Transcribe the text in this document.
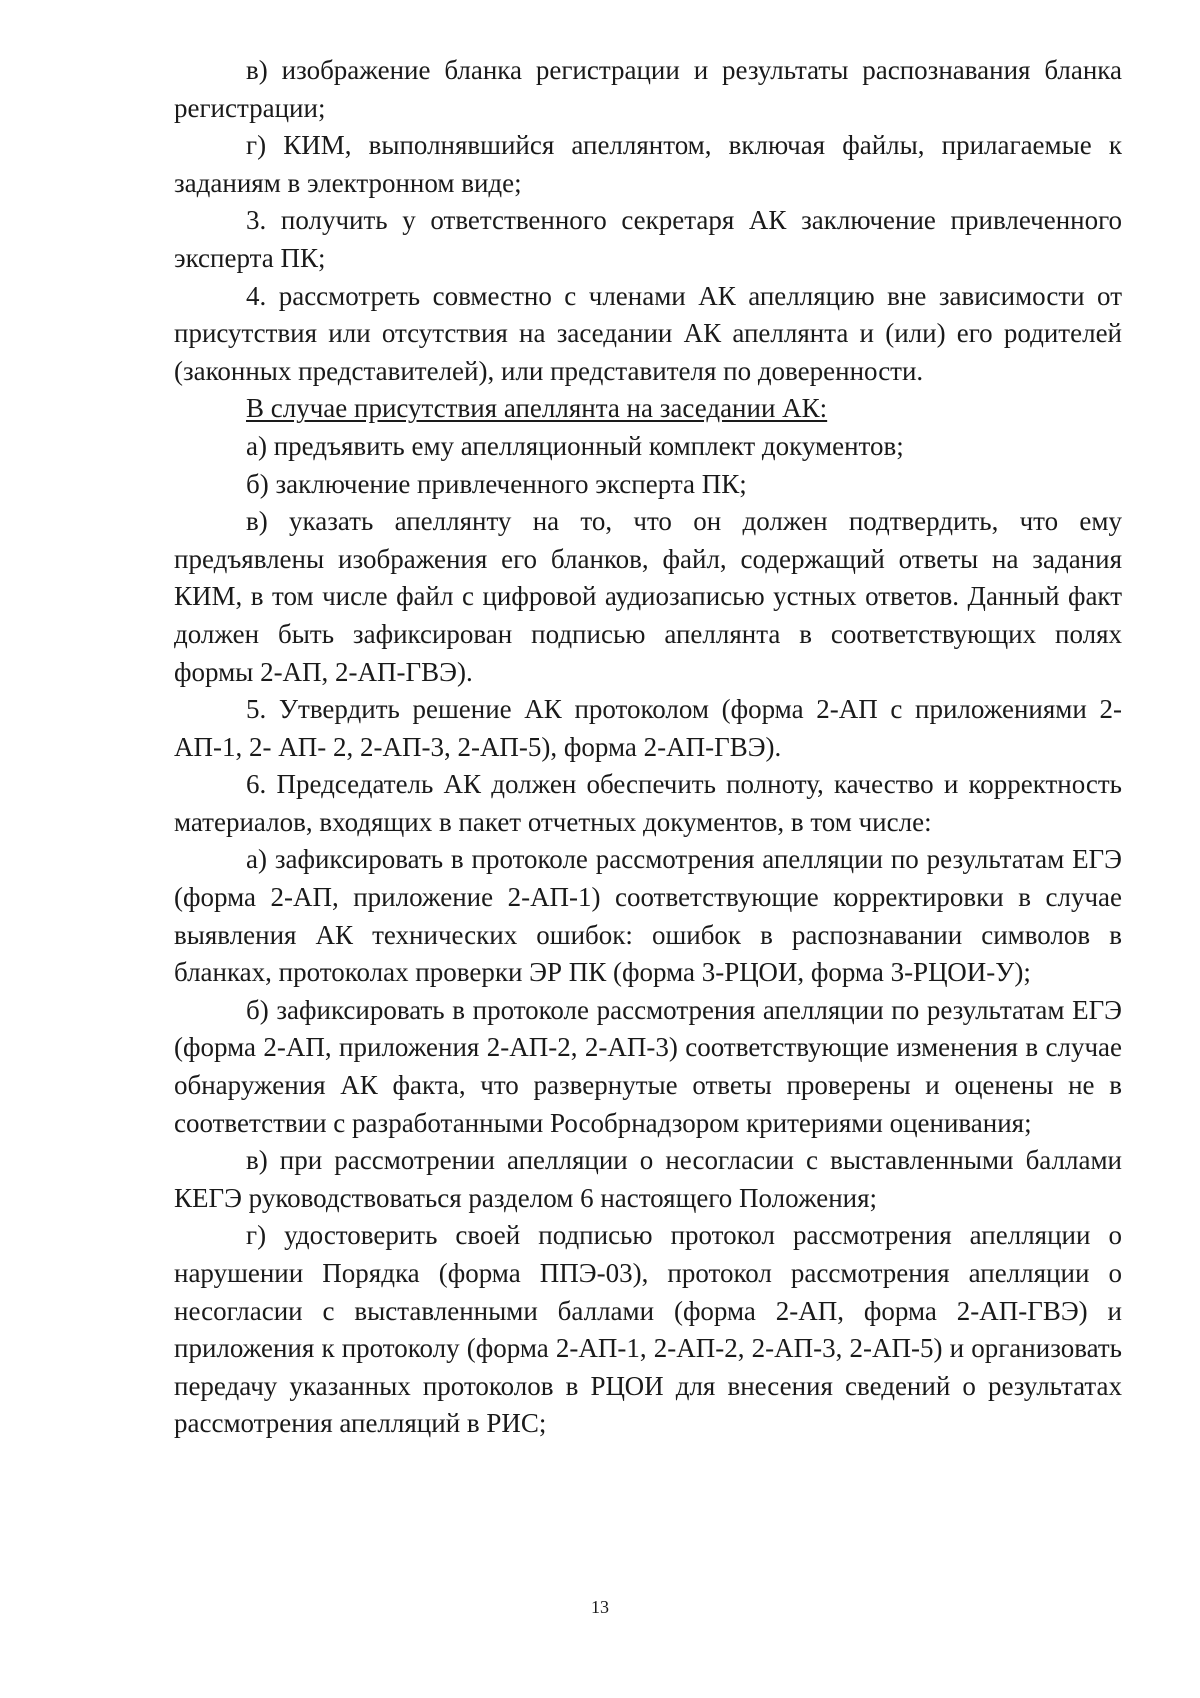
в) изображение бланка регистрации и результаты распознавания бланка регистрации;

г) КИМ, выполнявшийся апеллянтом, включая файлы, прилагаемые к заданиям в электронном виде;

3. получить у ответственного секретаря АК заключение привлеченного эксперта ПК;

4. рассмотреть совместно с членами АК апелляцию вне зависимости от присутствия или отсутствия на заседании АК апеллянта и (или) его родителей (законных представителей), или представителя по доверенности.

В случае присутствия апеллянта на заседании АК:

а) предъявить ему апелляционный комплект документов;

б) заключение привлеченного эксперта ПК;

в) указать апеллянту на то, что он должен подтвердить, что ему предъявлены изображения его бланков, файл, содержащий ответы на задания КИМ, в том числе файл с цифровой аудиозаписью устных ответов. Данный факт должен быть зафиксирован подписью апеллянта в соответствующих полях формы 2-АП, 2-АП-ГВЭ).

5. Утвердить решение АК протоколом (форма 2-АП с приложениями 2-АП-1, 2- АП- 2, 2-АП-3, 2-АП-5), форма 2-АП-ГВЭ).

6. Председатель АК должен обеспечить полноту, качество и корректность материалов, входящих в пакет отчетных документов, в том числе:

а) зафиксировать в протоколе рассмотрения апелляции по результатам ЕГЭ (форма 2-АП, приложение 2-АП-1) соответствующие корректировки в случае выявления АК технических ошибок: ошибок в распознавании символов в бланках, протоколах проверки ЭР ПК (форма 3-РЦОИ, форма 3-РЦОИ-У);

б) зафиксировать в протоколе рассмотрения апелляции по результатам ЕГЭ (форма 2-АП, приложения 2-АП-2, 2-АП-3) соответствующие изменения в случае обнаружения АК факта, что развернутые ответы проверены и оценены не в соответствии с разработанными Рособрнадзором критериями оценивания;

в) при рассмотрении апелляции о несогласии с выставленными баллами КЕГЭ руководствоваться разделом 6 настоящего Положения;

г) удостоверить своей подписью протокол рассмотрения апелляции о нарушении Порядка (форма ППЭ-03), протокол рассмотрения апелляции о несогласии с выставленными баллами (форма 2-АП, форма 2-АП-ГВЭ) и приложения к протоколу (форма 2-АП-1, 2-АП-2, 2-АП-3, 2-АП-5) и организовать передачу указанных протоколов в РЦОИ для внесения сведений о результатах рассмотрения апелляций в РИС;

13
